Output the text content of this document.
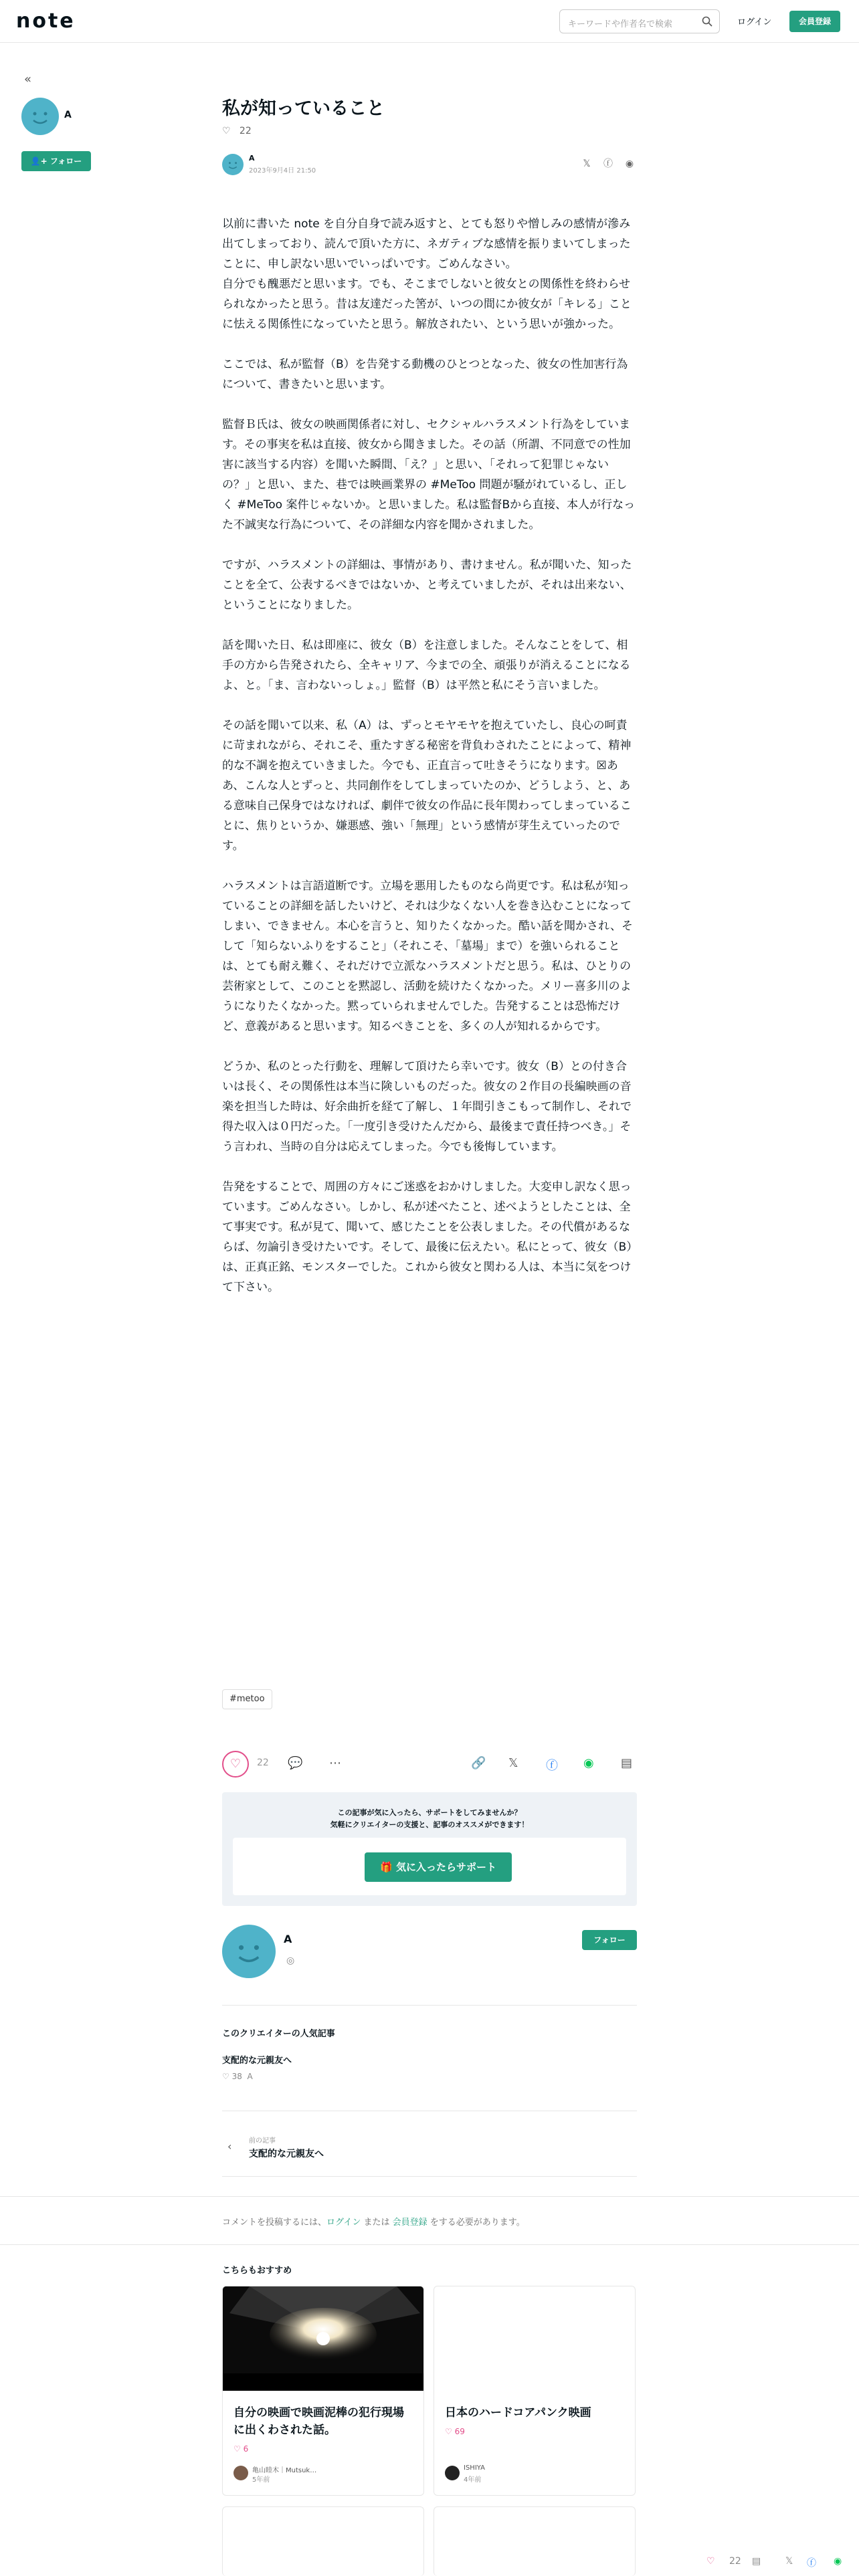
note	キーワードや作者名で検索	ログイン	会員登録
«
A
👤+ フォロー
私が知っていること
♡ 22
A
2023年9月4日 21:50
𝕏 ⓕ ◉

以前に書いた note を自分自身で読み返すと、とても怒りや憎しみの感情が滲み出てしまっており、読んで頂いた方に、ネガティブな感情を振りまいてしまったことに、申し訳ない思いでいっぱいです。ごめんなさい。
自分でも醜悪だと思います。でも、そこまでしないと彼女との関係性を終わらせられなかったと思う。昔は友達だった筈が、いつの間にか彼女が「キレる」ことに怯える関係性になっていたと思う。解放されたい、という思いが強かった。

ここでは、私が監督（B）を告発する動機のひとつとなった、彼女の性加害行為について、書きたいと思います。

監督Ｂ氏は、彼女の映画関係者に対し、セクシャルハラスメント行為をしています。その事実を私は直接、彼女から聞きました。その話（所謂、不同意での性加害に該当する内容）を聞いた瞬間、「え？」と思い、「それって犯罪じゃないの？」と思い、また、巷では映画業界の #MeToo 問題が騒がれているし、正しく #MeToo 案件じゃないか。と思いました。私は監督Bから直接、本人が行なった不誠実な行為について、その詳細な内容を聞かされました。

ですが、ハラスメントの詳細は、事情があり、書けません。私が聞いた、知ったことを全て、公表するべきではないか、と考えていましたが、それは出来ない、ということになりました。

話を聞いた日、私は即座に、彼女（B）を注意しました。そんなことをして、相手の方から告発されたら、全キャリア、今までの全、頑張りが消えることになるよ、と。「ま、言わないっしょ。」監督（B）は平然と私にそう言いました。

その話を聞いて以来、私（A）は、ずっとモヤモヤを抱えていたし、良心の呵責に苛まれながら、それこそ、重たすぎる秘密を背負わされたことによって、精神的な不調を抱えていきました。今でも、正直言って吐きそうになります。☒ああ、こんな人とずっと、共同創作をしてしまっていたのか、どうしよう、と、ある意味自己保身ではなければ、劇伴で彼女の作品に長年関わってしまっていることに、焦りというか、嫌悪感、強い「無理」という感情が芽生えていったのです。

ハラスメントは言語道断です。立場を悪用したものなら尚更です。私は私が知っていることの詳細を話したいけど、それは少なくない人を巻き込むことになってしまい、できません。本心を言うと、知りたくなかった。酷い話を聞かされ、そして「知らないふりをすること」（それこそ、「墓場」まで）を強いられることは、とても耐え難く、それだけで立派なハラスメントだと思う。私は、ひとりの芸術家として、このことを黙認し、活動を続けたくなかった。メリー喜多川のようになりたくなかった。黙っていられませんでした。告発することは恐怖だけど、意義があると思います。知るべきことを、多くの人が知れるからです。

どうか、私のとった行動を、理解して頂けたら幸いです。彼女（B）との付き合いは長く、その関係性は本当に険しいものだった。彼女の２作目の長編映画の音楽を担当した時は、好余曲折を経て了解し、１年間引きこもって制作し、それで得た収入は０円だった。「一度引き受けたんだから、最後まで責任持つべき。」そう言われ、当時の自分は応えてしまった。今でも後悔しています。

告発をすることで、周囲の方々にご迷惑をおかけしました。大変申し訳なく思っています。ごめんなさい。しかし、私が述べたこと、述べようとしたことは、全て事実です。私が見て、聞いて、感じたことを公表しました。その代償があるならば、勿論引き受けたいです。そして、最後に伝えたい。私にとって、彼女（B）は、正真正銘、モンスターでした。これから彼女と関わる人は、本当に気をつけて下さい。

#metoo
♡	22 💬 ⋯	🔗 𝕏 ⓕ ◉ ▤
この記事が気に入ったら、サポートをしてみませんか？
気軽にクリエイターの支援と、記事のオススメができます！
🎁 気に入ったらサポート
A
◎
フォロー
このクリエイターの人気記事
支配的な元親友へ
♡ 38 A
‹	前の記事
支配的な元親友へ
コメントを投稿するには、ログイン または 会員登録 をする必要があります。
こちらもおすすめ
自分の映画で映画泥棒の犯行現場に出くわされた話。
♡ 6
亀山睦木｜Mutsuk…
5年前
日本のハードコアパンク映画
♡ 69
ISHIYA
4年前
♡ 22 ▤	𝕏 ⓕ ◉
